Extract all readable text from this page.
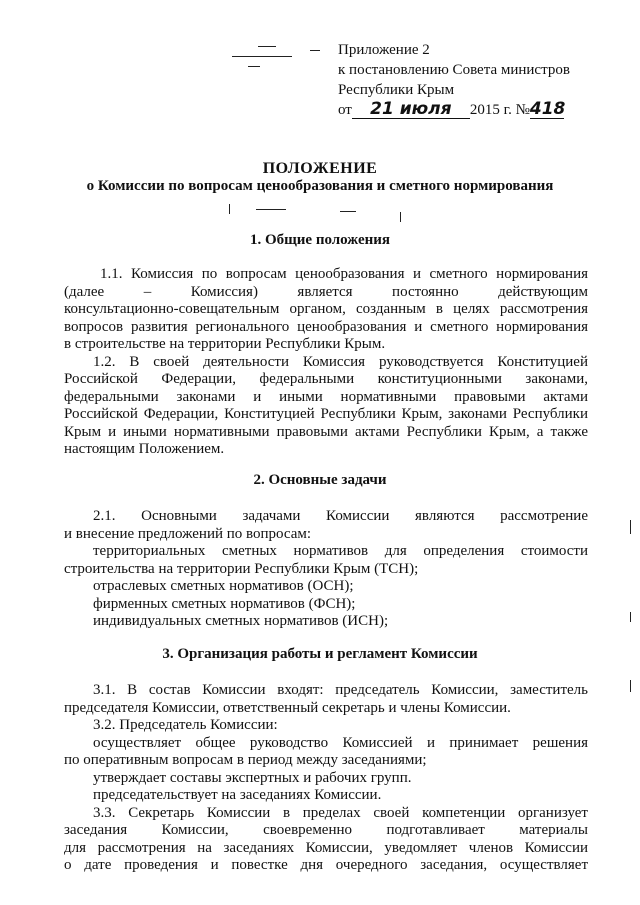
Приложение 2
к постановлению Совета министров
Республики Крым
от 21 июля 2015 г. №418
ПОЛОЖЕНИЕ
о Комиссии по вопросам ценообразования и сметного нормирования
1. Общие положения
1.1. Комиссия по вопросам ценообразования и сметного нормирования
(далее – Комиссия) является постоянно действующим
консультационно-совещательным органом, созданным в целях рассмотрения
вопросов развития регионального ценообразования и сметного нормирования
в строительстве на территории Республики Крым.
1.2. В своей деятельности Комиссия руководствуется Конституцией
Российской Федерации, федеральными конституционными законами,
федеральными законами и иными нормативными правовыми актами
Российской Федерации, Конституцией Республики Крым, законами Республики
Крым и иными нормативными правовыми актами Республики Крым, а также
настоящим Положением.
2. Основные задачи
2.1. Основными задачами Комиссии являются рассмотрение
и внесение предложений по вопросам:
территориальных сметных нормативов для определения стоимости
строительства на территории Республики Крым (ТСН);
отраслевых сметных нормативов (ОСН);
фирменных сметных нормативов (ФСН);
индивидуальных сметных нормативов (ИСН);
3. Организация работы и регламент Комиссии
3.1. В состав Комиссии входят: председатель Комиссии, заместитель
председателя Комиссии, ответственный секретарь и члены Комиссии.
3.2. Председатель Комиссии:
осуществляет общее руководство Комиссией и принимает решения
по оперативным вопросам в период между заседаниями;
утверждает составы экспертных и рабочих групп.
председательствует на заседаниях Комиссии.
3.3. Секретарь Комиссии в пределах своей компетенции организует
заседания Комиссии, своевременно подготавливает материалы
для рассмотрения на заседаниях Комиссии, уведомляет членов Комиссии
о дате проведения и повестке дня очередного заседания, осуществляет
